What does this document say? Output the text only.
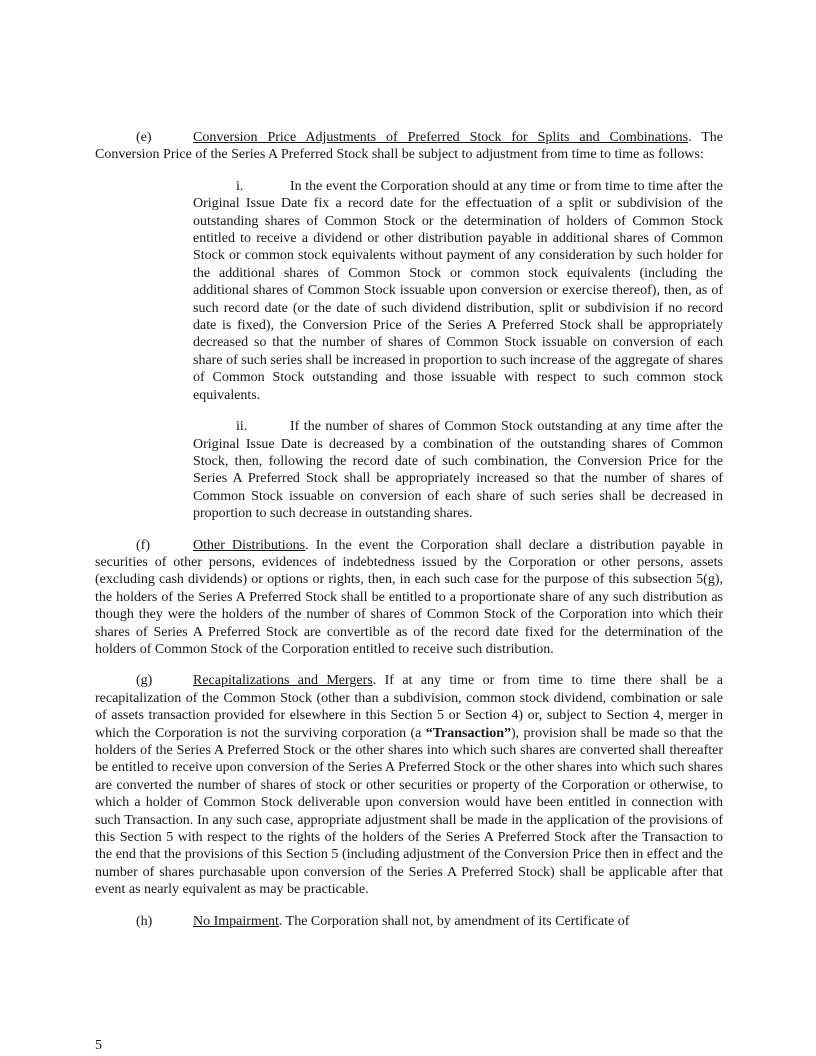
(e)	Conversion Price Adjustments of Preferred Stock for Splits and Combinations. The Conversion Price of the Series A Preferred Stock shall be subject to adjustment from time to time as follows:

i.	In the event the Corporation should at any time or from time to time after the Original Issue Date fix a record date for the effectuation of a split or subdivision of the outstanding shares of Common Stock or the determination of holders of Common Stock entitled to receive a dividend or other distribution payable in additional shares of Common Stock or common stock equivalents without payment of any consideration by such holder for the additional shares of Common Stock or common stock equivalents (including the additional shares of Common Stock issuable upon conversion or exercise thereof), then, as of such record date (or the date of such dividend distribution, split or subdivision if no record date is fixed), the Conversion Price of the Series A Preferred Stock shall be appropriately decreased so that the number of shares of Common Stock issuable on conversion of each share of such series shall be increased in proportion to such increase of the aggregate of shares of Common Stock outstanding and those issuable with respect to such common stock equivalents.

ii.	If the number of shares of Common Stock outstanding at any time after the Original Issue Date is decreased by a combination of the outstanding shares of Common Stock, then, following the record date of such combination, the Conversion Price for the Series A Preferred Stock shall be appropriately increased so that the number of shares of Common Stock issuable on conversion of each share of such series shall be decreased in proportion to such decrease in outstanding shares.

(f)	Other Distributions. In the event the Corporation shall declare a distribution payable in securities of other persons, evidences of indebtedness issued by the Corporation or other persons, assets (excluding cash dividends) or options or rights, then, in each such case for the purpose of this subsection 5(g), the holders of the Series A Preferred Stock shall be entitled to a proportionate share of any such distribution as though they were the holders of the number of shares of Common Stock of the Corporation into which their shares of Series A Preferred Stock are convertible as of the record date fixed for the determination of the holders of Common Stock of the Corporation entitled to receive such distribution.

(g)	Recapitalizations and Mergers. If at any time or from time to time there shall be a recapitalization of the Common Stock (other than a subdivision, common stock dividend, combination or sale of assets transaction provided for elsewhere in this Section 5 or Section 4) or, subject to Section 4, merger in which the Corporation is not the surviving corporation (a “Transaction”), provision shall be made so that the holders of the Series A Preferred Stock or the other shares into which such shares are converted shall thereafter be entitled to receive upon conversion of the Series A Preferred Stock or the other shares into which such shares are converted the number of shares of stock or other securities or property of the Corporation or otherwise, to which a holder of Common Stock deliverable upon conversion would have been entitled in connection with such Transaction. In any such case, appropriate adjustment shall be made in the application of the provisions of this Section 5 with respect to the rights of the holders of the Series A Preferred Stock after the Transaction to the end that the provisions of this Section 5 (including adjustment of the Conversion Price then in effect and the number of shares purchasable upon conversion of the Series A Preferred Stock) shall be applicable after that event as nearly equivalent as may be practicable.

(h)	No Impairment. The Corporation shall not, by amendment of its Certificate of

5
